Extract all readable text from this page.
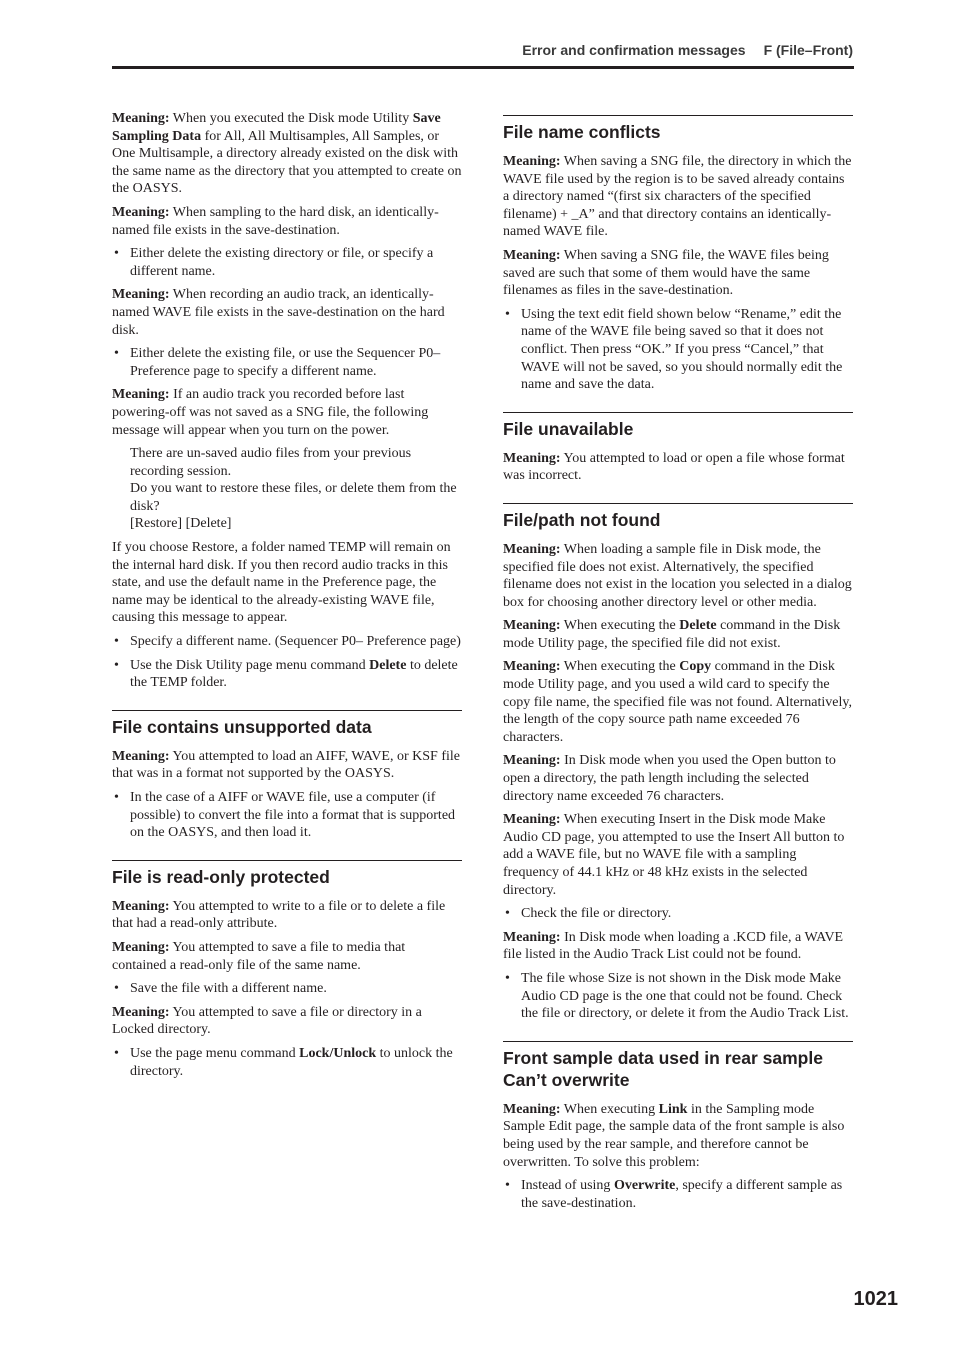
Error and confirmation messages F (File–Front)

Meaning: When you executed the Disk mode Utility Save Sampling Data for All, All Multisamples, All Samples, or One Multisample, a directory already existed on the disk with the same name as the directory that you attempted to create on the OASYS.

Meaning: When sampling to the hard disk, an identically-named file exists in the save-destination.

• Either delete the existing directory or file, or specify a different name.

Meaning: When recording an audio track, an identically-named WAVE file exists in the save-destination on the hard disk.

• Either delete the existing file, or use the Sequencer P0– Preference page to specify a different name.

Meaning: If an audio track you recorded before last powering-off was not saved as a SNG file, the following message will appear when you turn on the power.

There are un-saved audio files from your previous recording session.
Do you want to restore these files, or delete them from the disk?
[Restore] [Delete]

If you choose Restore, a folder named TEMP will remain on the internal hard disk. If you then record audio tracks in this state, and use the default name in the Preference page, the name may be identical to the already-existing WAVE file, causing this message to appear.

• Specify a different name. (Sequencer P0– Preference page)
• Use the Disk Utility page menu command Delete to delete the TEMP folder.
File contains unsupported data

Meaning: You attempted to load an AIFF, WAVE, or KSF file that was in a format not supported by the OASYS.

• In the case of a AIFF or WAVE file, use a computer (if possible) to convert the file into a format that is supported on the OASYS, and then load it.
File is read-only protected

Meaning: You attempted to write to a file or to delete a file that had a read-only attribute.

Meaning: You attempted to save a file to media that contained a read-only file of the same name.

• Save the file with a different name.

Meaning: You attempted to save a file or directory in a Locked directory.

• Use the page menu command Lock/Unlock to unlock the directory.
File name conflicts

Meaning: When saving a SNG file, the directory in which the WAVE file used by the region is to be saved already contains a directory named “(first six characters of the specified filename) + _A” and that directory contains an identically-named WAVE file.

Meaning: When saving a SNG file, the WAVE files being saved are such that some of them would have the same filenames as files in the save-destination.

• Using the text edit field shown below “Rename,” edit the name of the WAVE file being saved so that it does not conflict. Then press “OK.” If you press “Cancel,” that WAVE will not be saved, so you should normally edit the name and save the data.
File unavailable

Meaning: You attempted to load or open a file whose format was incorrect.

File/path not found

Meaning: When loading a sample file in Disk mode, the specified file does not exist. Alternatively, the specified filename does not exist in the location you selected in a dialog box for choosing another directory level or other media.

Meaning: When executing the Delete command in the Disk mode Utility page, the specified file did not exist.

Meaning: When executing the Copy command in the Disk mode Utility page, and you used a wild card to specify the copy file name, the specified file was not found. Alternatively, the length of the copy source path name exceeded 76 characters.

Meaning: In Disk mode when you used the Open button to open a directory, the path length including the selected directory name exceeded 76 characters.

Meaning: When executing Insert in the Disk mode Make Audio CD page, you attempted to use the Insert All button to add a WAVE file, but no WAVE file with a sampling frequency of 44.1 kHz or 48 kHz exists in the selected directory.

• Check the file or directory.

Meaning: In Disk mode when loading a .KCD file, a WAVE file listed in the Audio Track List could not be found.

• The file whose Size is not shown in the Disk mode Make Audio CD page is the one that could not be found. Check the file or directory, or delete it from the Audio Track List.
Front sample data used in rear sample
Can’t overwrite

Meaning: When executing Link in the Sampling mode Sample Edit page, the sample data of the front sample is also being used by the rear sample, and therefore cannot be overwritten. To solve this problem:

• Instead of using Overwrite, specify a different sample as the save-destination.
1021
